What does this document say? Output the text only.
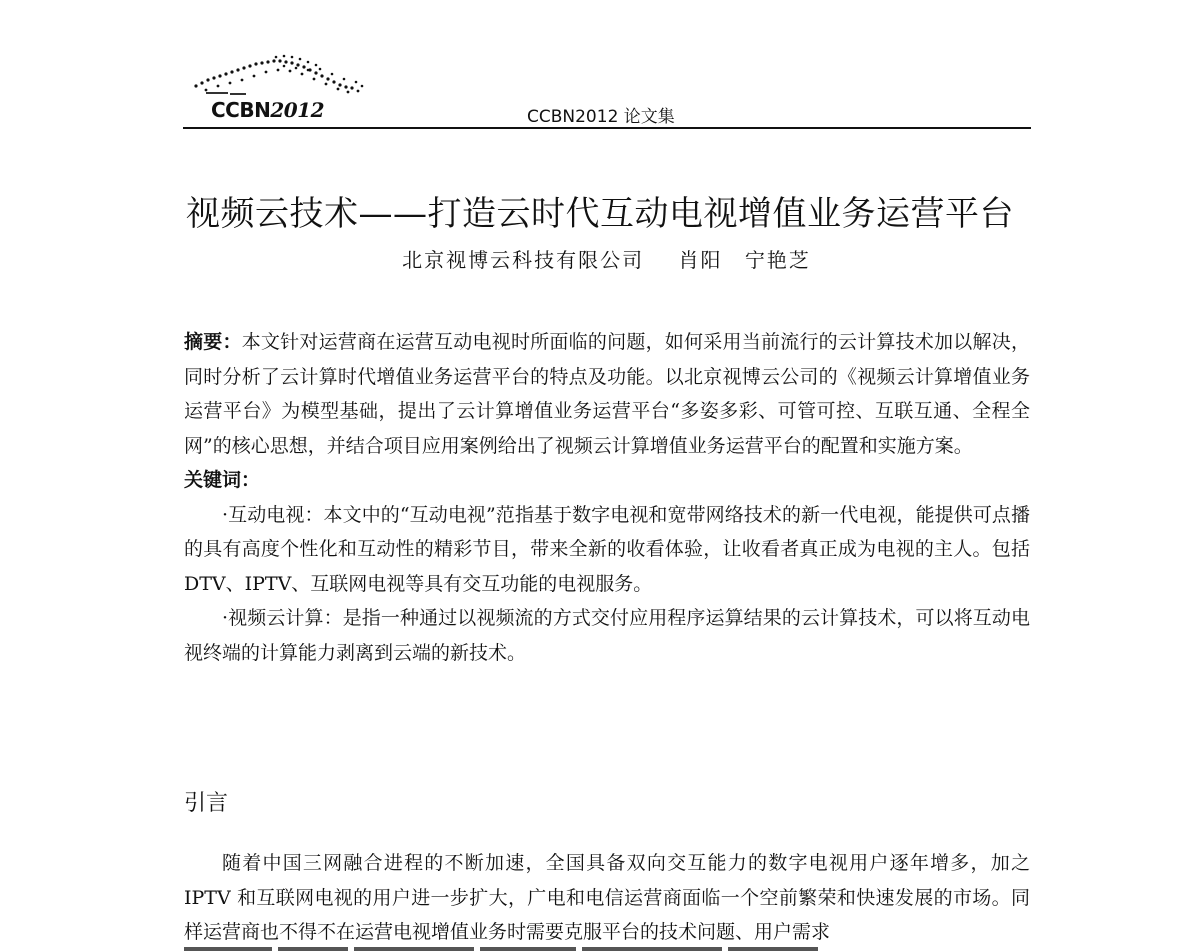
CCBN2012	CCBN2012 论文集
视频云技术——打造云时代互动电视增值业务运营平台
北京视博云科技有限公司 肖阳 宁艳芝

摘要：本文针对运营商在运营互动电视时所面临的问题，如何采用当前流行的云计算技术加以解决，同时分析了云计算时代增值业务运营平台的特点及功能。以北京视博云公司的《视频云计算增值业务运营平台》为模型基础，提出了云计算增值业务运营平台“多姿多彩、可管可控、互联互通、全程全网”的核心思想，并结合项目应用案例给出了视频云计算增值业务运营平台的配置和实施方案。

关键词：

·互动电视：本文中的“互动电视”范指基于数字电视和宽带网络技术的新一代电视，能提供可点播的具有高度个性化和互动性的精彩节目，带来全新的收看体验，让收看者真正成为电视的主人。包括 DTV、IPTV、互联网电视等具有交互功能的电视服务。

·视频云计算：是指一种通过以视频流的方式交付应用程序运算结果的云计算技术，可以将互动电视终端的计算能力剥离到云端的新技术。

引言

随着中国三网融合进程的不断加速，全国具备双向交互能力的数字电视用户逐年增多，加之 IPTV 和互联网电视的用户进一步扩大，广电和电信运营商面临一个空前繁荣和快速发展的市场。同样运营商也不得不在运营电视增值业务时需要克服平台的技术问题、用户需求
